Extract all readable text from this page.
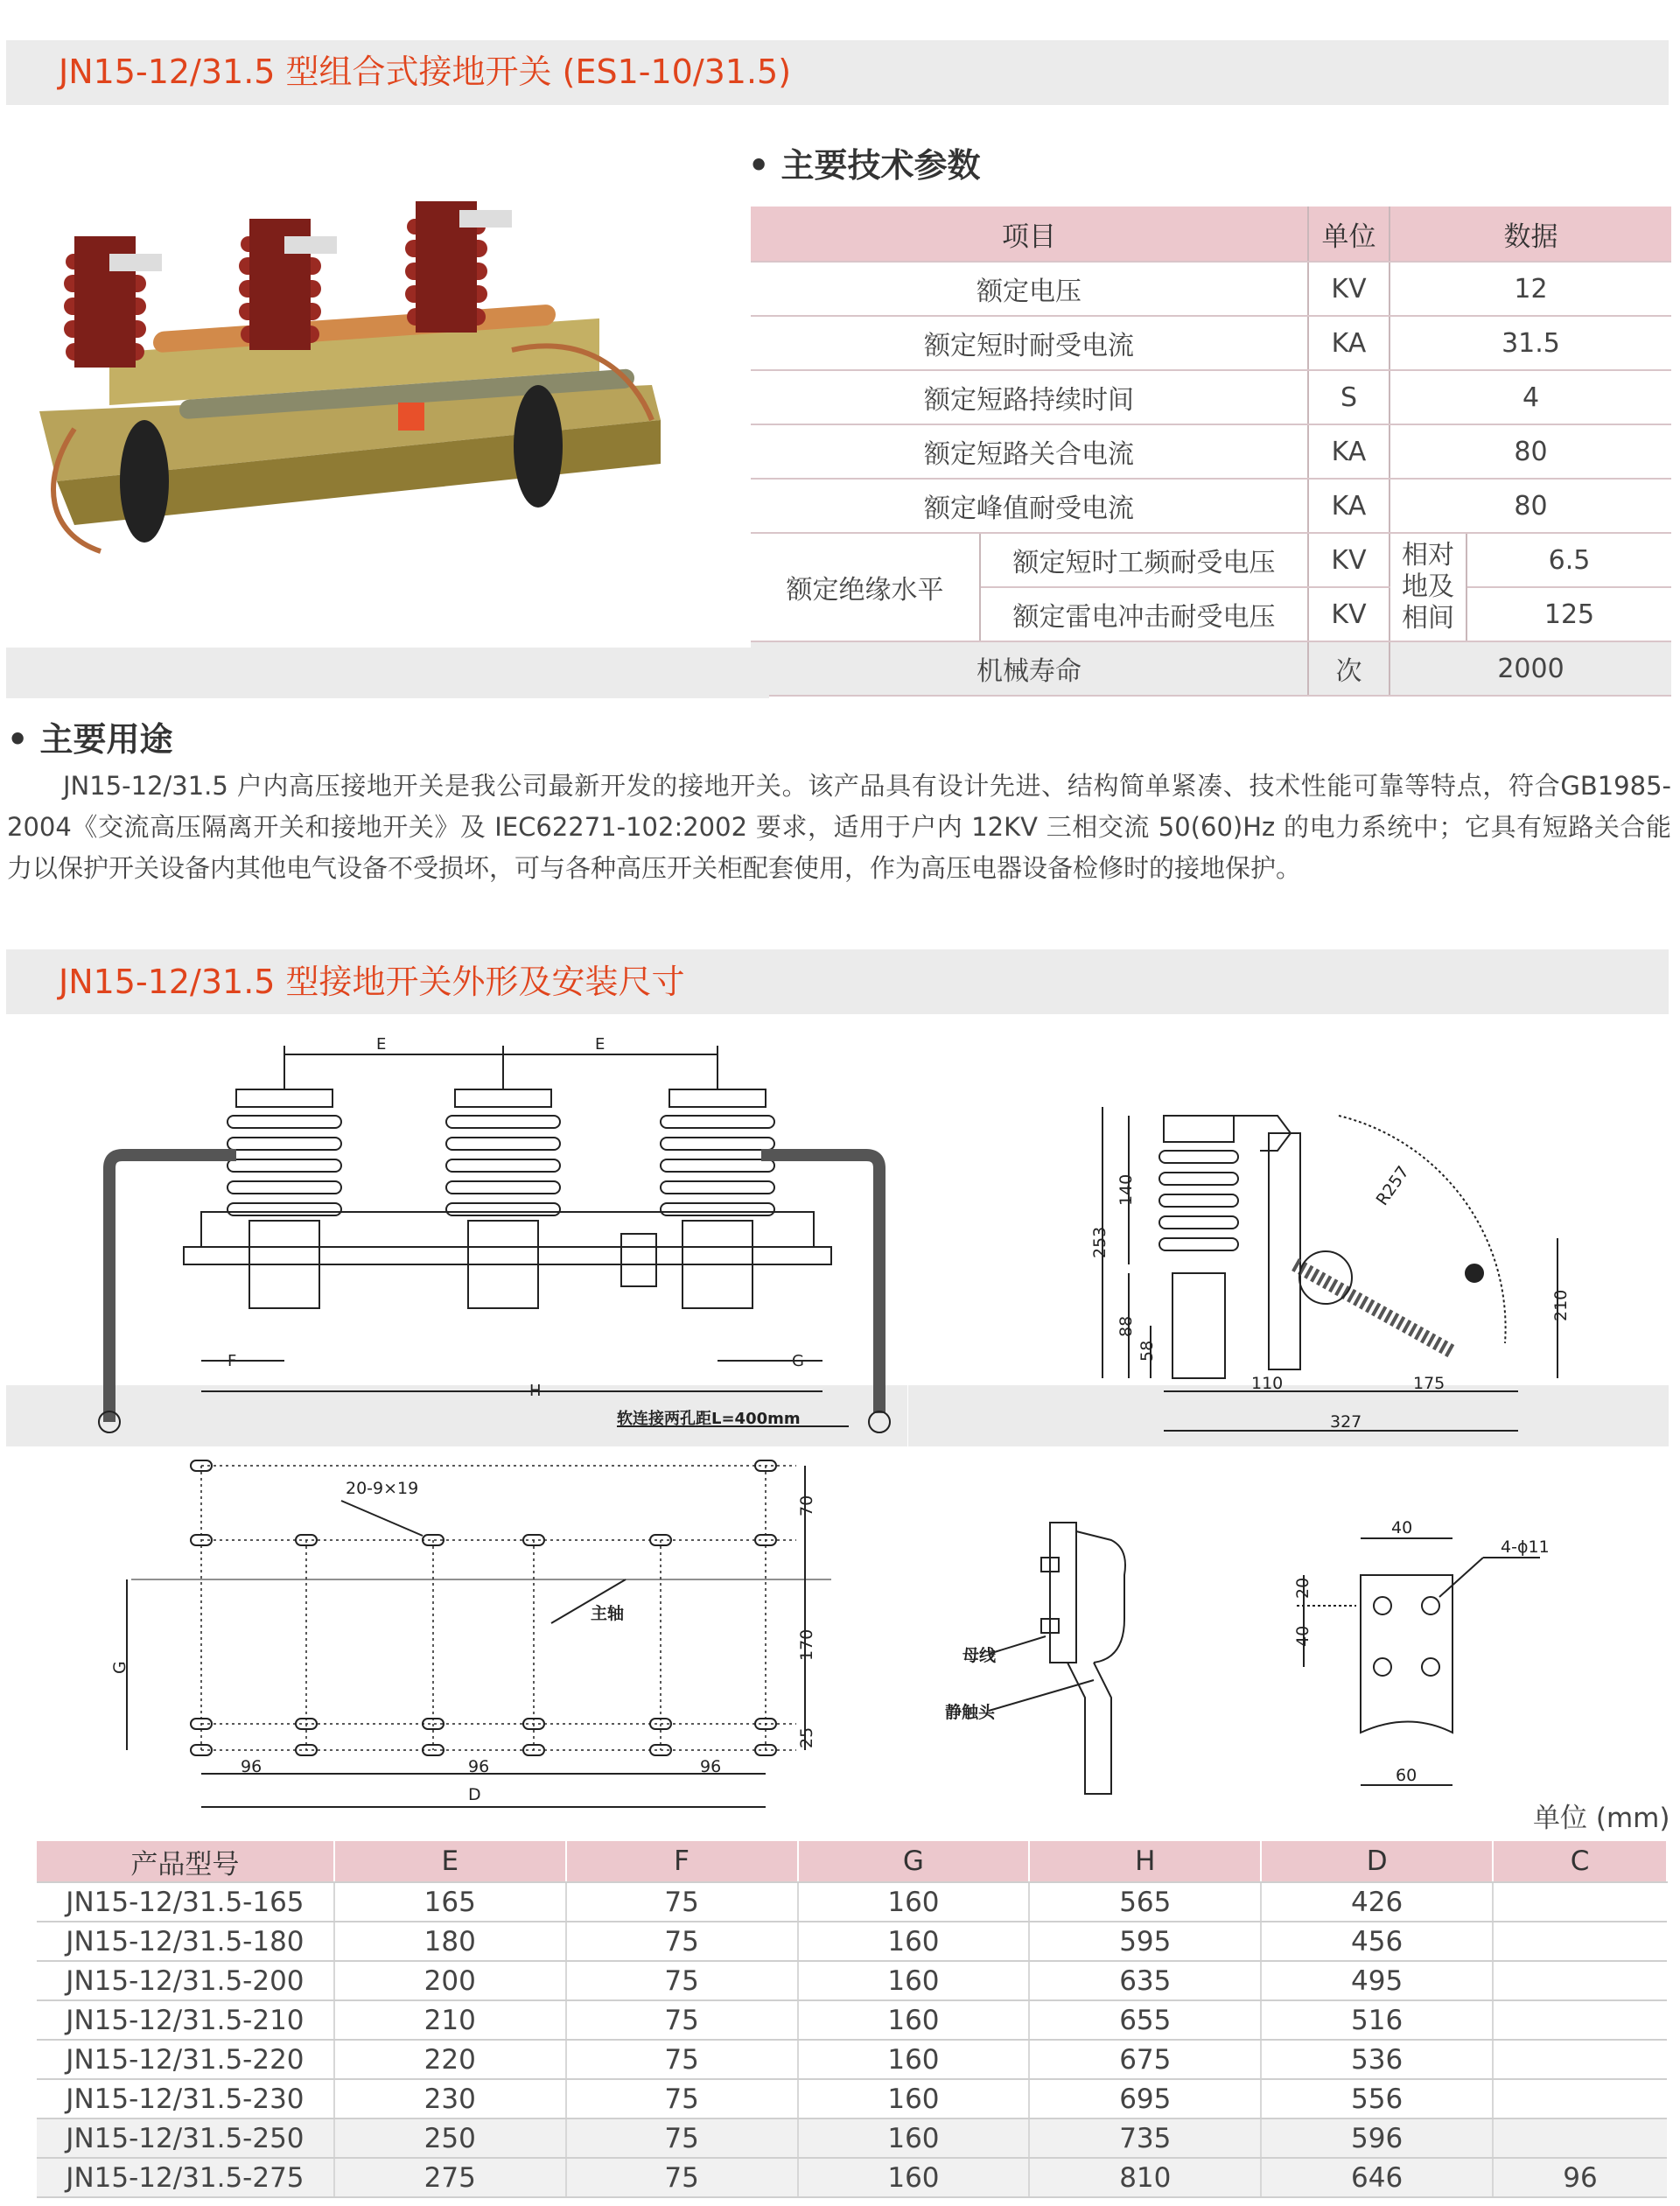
JN15-12/31.5 型组合式接地开关 (ES1-10/31.5)
• 主要技术参数
项目		单位	数据	
额定电压		KV	12	
额定短时耐受电流		KA	31.5	
额定短路持续时间		S	4	
额定短路关合电流		KA	80	
额定峰值耐受电流		KA	80	
额定绝缘水平	额定短时工频耐受电压	KV	相对地及相间	6.5
	额定雷电冲击耐受电压	KV		125
机械寿命		次	2000	
• 主要用途
JN15-12/31.5 户内高压接地开关是我公司最新开发的接地开关。该产品具有设计先进、结构简单紧凑、技术性能可靠等特点，符合GB1985-2004《交流高压隔离开关和接地开关》及 IEC62271-102:2002 要求，适用于户内 12KV 三相交流 50(60)Hz 的电力系统中；它具有短路关合能力以保护开关设备内其他电气设备不受损坏，可与各种高压开关柜配套使用，作为高压电器设备检修时的接地保护。
JN15-12/31.5 型接地开关外形及安装尺寸
E	E
F	G
H
软连接两孔距L=400mm
253
140
88
58
110	175
327
R257
210
20-9×19
70
170
25
G
96	96	96
D
主轴
母线
静触头
40
4-ϕ11
20
40
60
单位 (mm)
产品型号	E	F	G	H	D	C
JN15-12/31.5-165	165	75	160	565	426	
JN15-12/31.5-180	180	75	160	595	456	
JN15-12/31.5-200	200	75	160	635	495	
JN15-12/31.5-210	210	75	160	655	516	
JN15-12/31.5-220	220	75	160	675	536	
JN15-12/31.5-230	230	75	160	695	556	
JN15-12/31.5-250	250	75	160	735	596	
JN15-12/31.5-275	275	75	160	810	646	96
